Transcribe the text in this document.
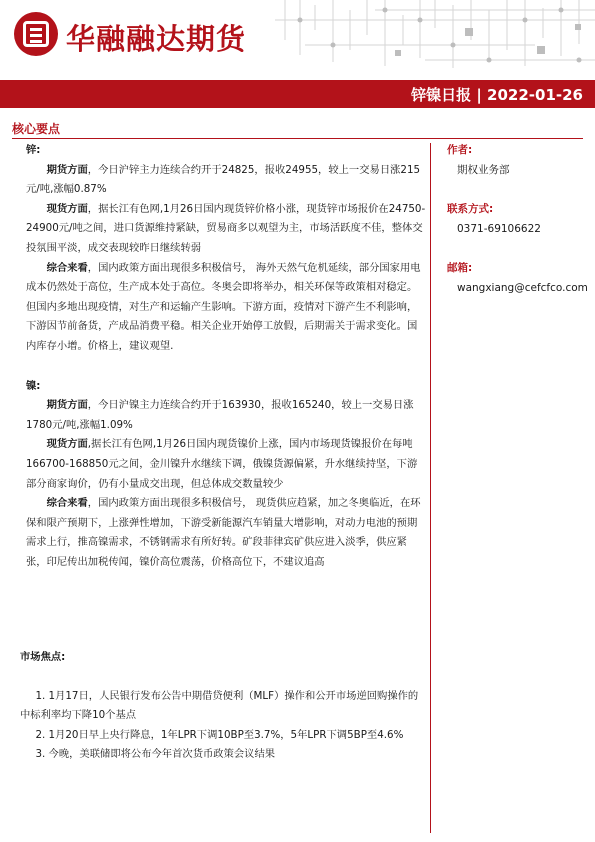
华融融达期货
锌镍日报 | 2022-01-26
核心要点
锌:

期货方面，今日沪锌主力连续合约开于24825，报收24955，较上一交易日涨215元/吨,涨幅0.87%

现货方面，据长江有色网,1月26日国内现货锌价格小涨，现货锌市场报价在24750-24900元/吨之间，进口货源维持紧缺，贸易商多以观望为主，市场活跃度不佳，整体交投氛围平淡，成交表现较昨日继续转弱

综合来看，国内政策方面出现很多积极信号， 海外天然气危机延续，部分国家用电成本仍然处于高位，生产成本处于高位。冬奥会即将举办，相关环保等政策相对稳定。但国内多地出现疫情，对生产和运输产生影响。下游方面，疫情对下游产生不利影响，下游因节前备货，产成品消费平稳。相关企业开始停工放假，后期需关于需求变化。国内库存小增。价格上，建议观望.

镍:

期货方面，今日沪镍主力连续合约开于163930，报收165240，较上一交易日涨1780元/吨,涨幅1.09%

现货方面,据长江有色网,1月26日国内现货镍价上涨，国内市场现货镍报价在每吨166700-168850元之间，金川镍升水继续下调，俄镍货源偏紧，升水继续持坚，下游部分商家询价，仍有小量成交出现，但总体成交数量较少

综合来看，国内政策方面出现很多积极信号， 现货供应趋紧，加之冬奥临近，在环保和限产预期下，上涨弹性增加，下游受新能源汽车销量大增影响，对动力电池的预期需求上行，推高镍需求，不锈钢需求有所好转。矿段菲律宾矿供应进入淡季，供应紧张，印尼传出加税传闻，镍价高位震荡，价格高位下，不建议追高

市场焦点:
1. 1月17日，人民银行发布公告中期借贷便利（MLF）操作和公开市场逆回购操作的中标利率均下降10个基点
2. 1月20日早上央行降息，1年LPR下调10BP至3.7%，5年LPR下调5BP至4.6%
3. 今晚，美联储即将公布今年首次货币政策会议结果
作者:
期权业务部
联系方式:
0371-69106622
邮箱:
wangxiang@cefcfco.com
